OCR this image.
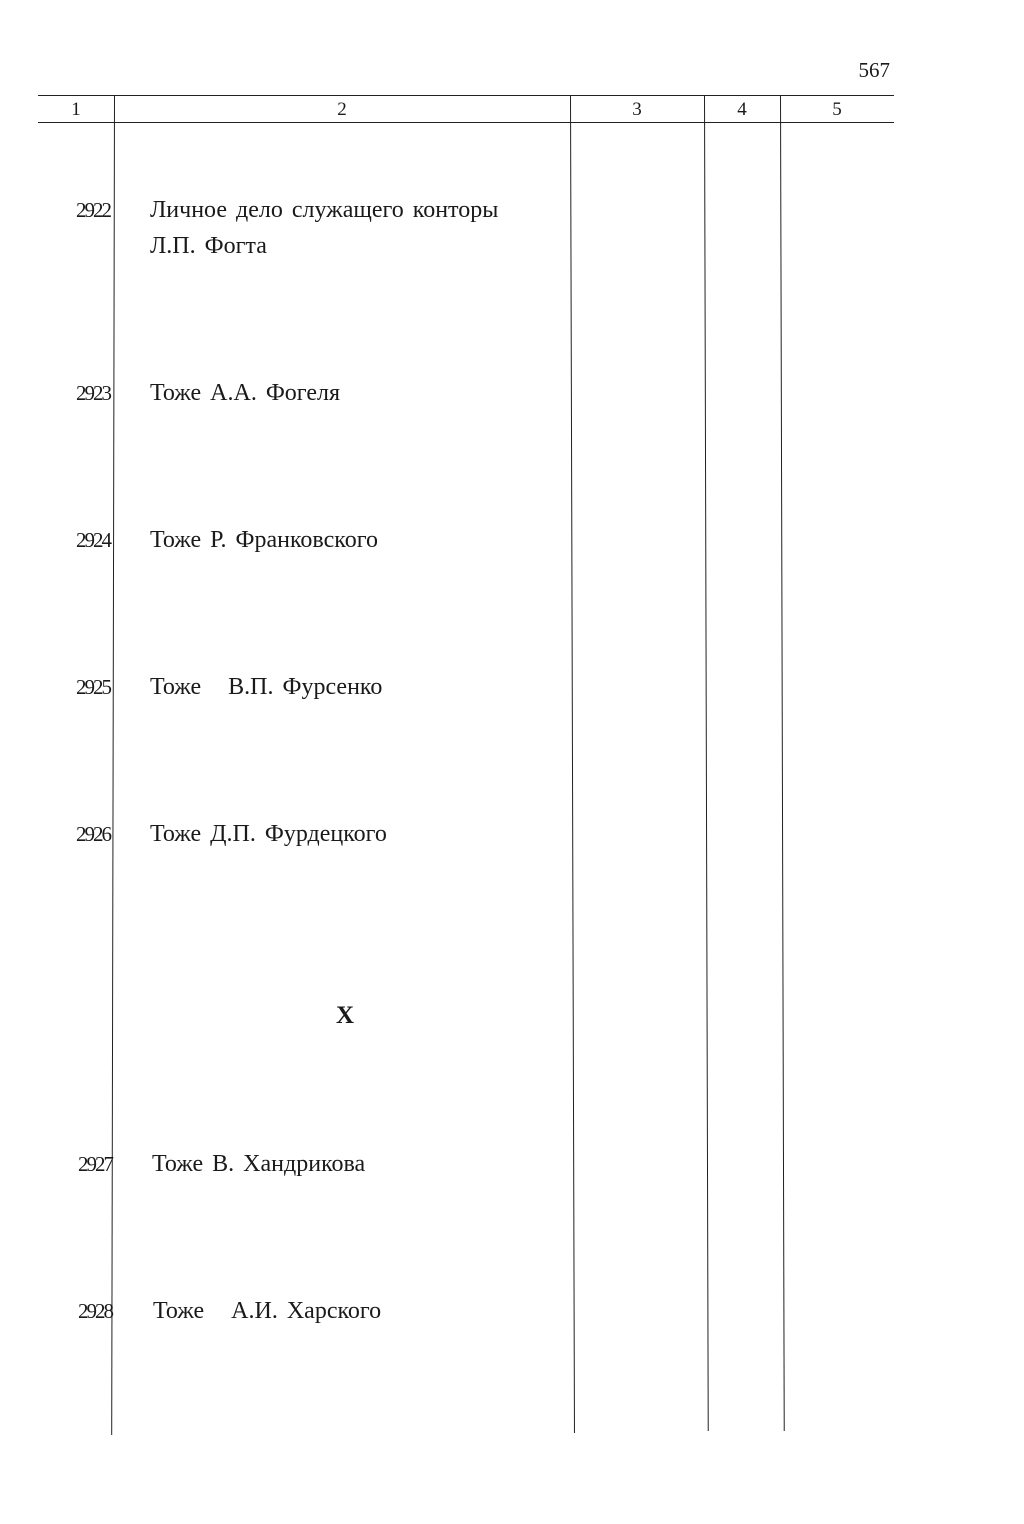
567
1	2	3	4	5
2922 Личное дело служащего конторы Л.П. Фогта
2923 Тоже А.А. Фогеля
2924 Тоже Р. Франковского
2925 Тоже   В.П. Фурсенко
2926 Тоже Д.П. Фурдецкого
X
2927 Тоже В. Хандрикова
2928 Тоже   А.И. Харского
